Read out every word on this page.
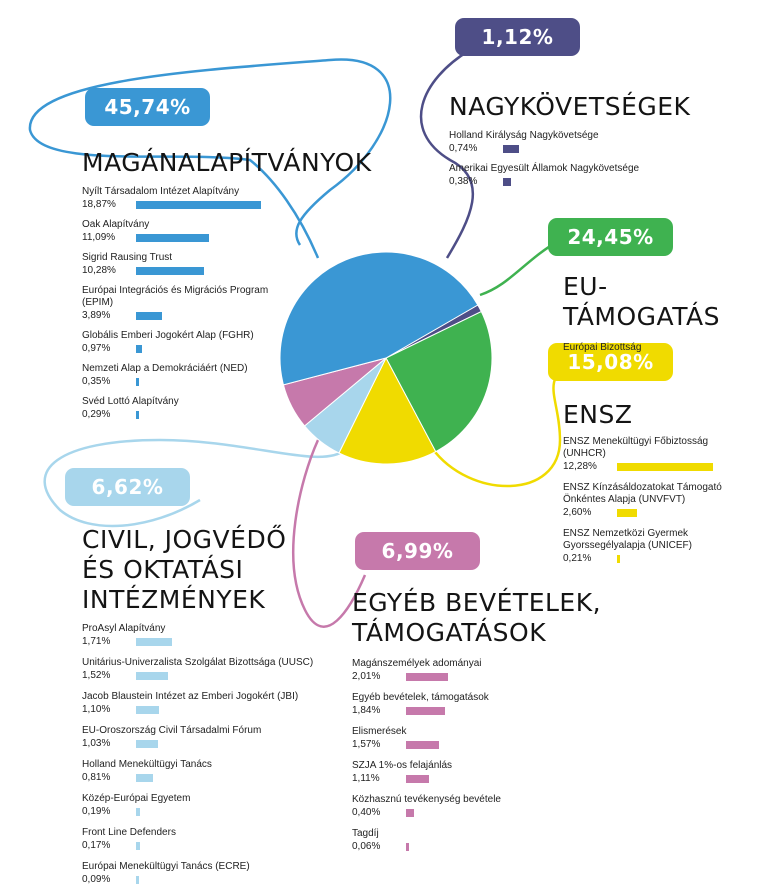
45,74%
1,12%
24,45%
15,08%
6,62%
6,99%
MAGÁNALAPÍTVÁNYOK
Nyílt Társadalom Intézet Alapítvány
18,87%
Oak Alapítvány
11,09%
Sigrid Rausing Trust
10,28%
Európai Integrációs és Migrációs Program (EPIM)
3,89%
Globális Emberi Jogokért Alap (FGHR)
0,97%
Nemzeti Alap a Demokráciáért (NED)
0,35%
Svéd Lottó Alapítvány
0,29%
NAGYKÖVETSÉGEK
Holland Királyság Nagykövetsége
0,74%
Amerikai Egyesült Államok Nagykövetsége
0,38%
EU-TÁMOGATÁS
Európai Bizottság
ENSZ
ENSZ Menekültügyi Főbiztosság (UNHCR)
12,28%
ENSZ Kínzásáldozatokat Támogató Önkéntes Alapja (UNVFVT)
2,60%
ENSZ Nemzetközi Gyermek Gyorssegélyalapja (UNICEF)
0,21%
CIVIL, JOGVÉDŐ
ÉS OKTATÁSI
INTÉZMÉNYEK
ProAsyl Alapítvány
1,71%
Unitárius-Univerzalista Szolgálat Bizottsága (UUSC)
1,52%
Jacob Blaustein Intézet az Emberi Jogokért (JBI)
1,10%
EU-Oroszország Civil Társadalmi Fórum
1,03%
Holland Menekültügyi Tanács
0,81%
Közép-Európai Egyetem
0,19%
Front Line Defenders
0,17%
Európai Menekültügyi Tanács (ECRE)
0,09%
EGYÉB BEVÉTELEK,
TÁMOGATÁSOK
Magánszemélyek adományai
2,01%
Egyéb bevételek, támogatások
1,84%
Elismerések
1,57%
SZJA 1%-os felajánlás
1,11%
Közhasznú tevékenység bevétele
0,40%
Tagdíj
0,06%
